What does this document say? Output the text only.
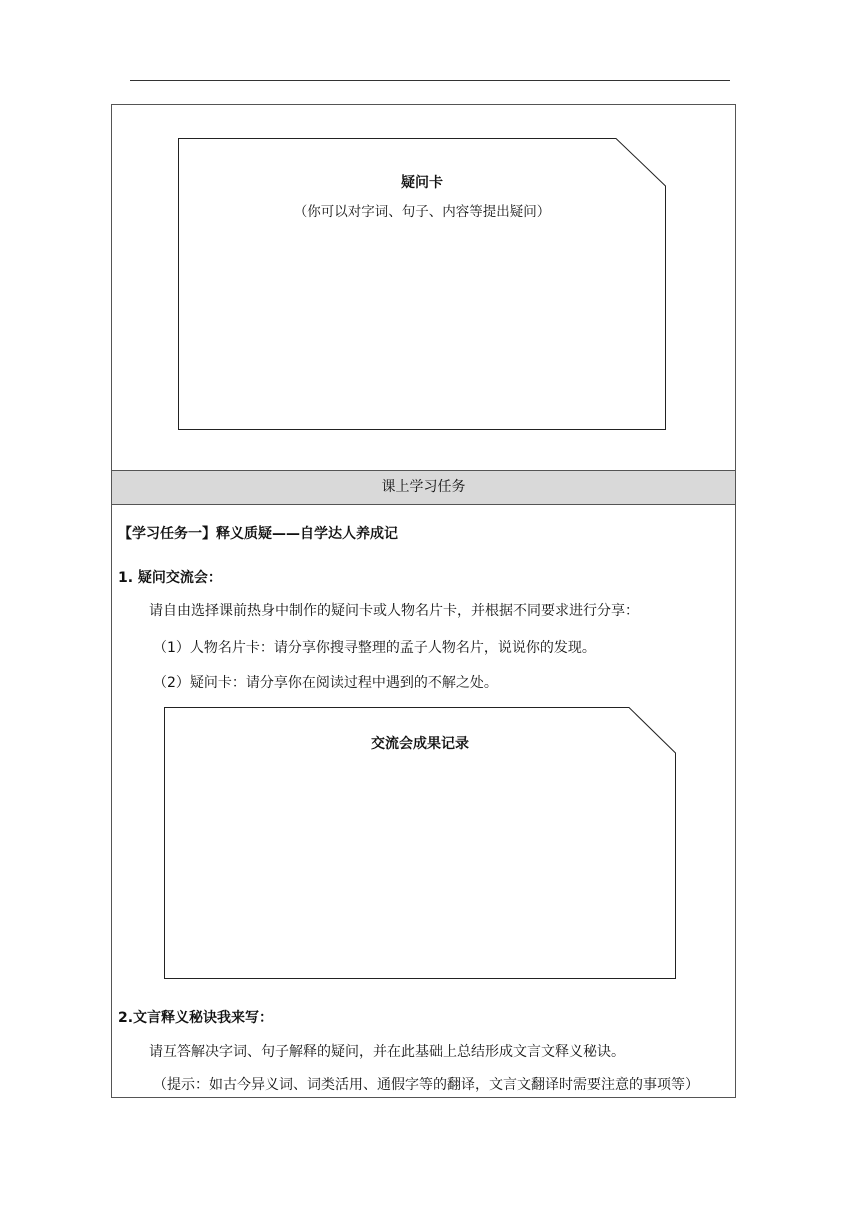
疑问卡
（你可以对字词、句子、内容等提出疑问）
课上学习任务
【学习任务一】释义质疑——自学达人养成记
1. 疑问交流会：
请自由选择课前热身中制作的疑问卡或人物名片卡，并根据不同要求进行分享：
（1）人物名片卡：请分享你搜寻整理的孟子人物名片，说说你的发现。
（2）疑问卡：请分享你在阅读过程中遇到的不解之处。
交流会成果记录
2.文言释义秘诀我来写：
请互答解决字词、句子解释的疑问，并在此基础上总结形成文言文释义秘诀。
（提示：如古今异义词、词类活用、通假字等的翻译，文言文翻译时需要注意的事项等）
